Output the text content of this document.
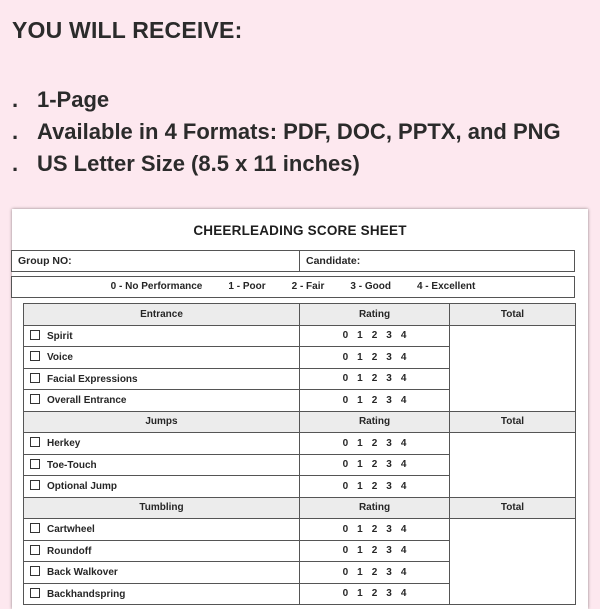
YOU WILL RECEIVE:
. 1-Page
. Available in 4 Formats: PDF, DOC, PPTX, and PNG
. US Letter Size (8.5 x 11 inches)
CHEERLEADING SCORE SHEET
Group NO:	Candidate:
0 - No Performance	1 - Poor	2 - Fair	3 - Good	4 - Excellent
Entrance	Rating	Total
Spirit	0 1 2 3 4	

Voice	0 1 2 3 4	

Facial Expressions	0 1 2 3 4	

Overall Entrance	0 1 2 3 4	

Jumps	Rating	Total
Herkey	0 1 2 3 4	

Toe-Touch	0 1 2 3 4	

Optional Jump	0 1 2 3 4	

Tumbling	Rating	Total
Cartwheel	0 1 2 3 4	

Roundoff	0 1 2 3 4	

Back Walkover	0 1 2 3 4	

Backhandspring	0 1 2 3 4	
